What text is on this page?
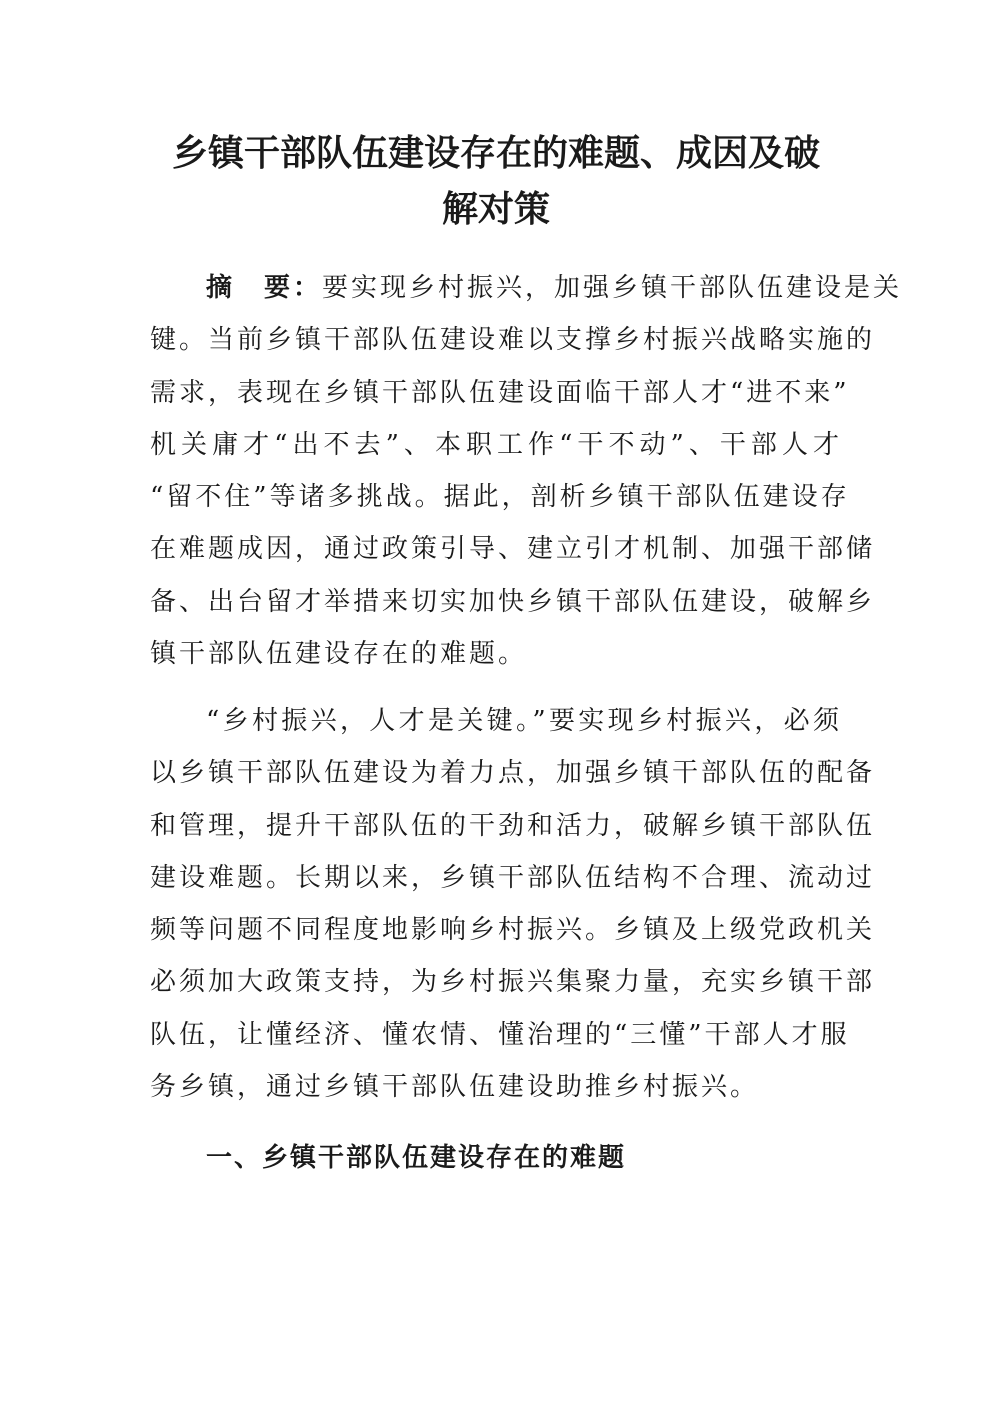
乡镇干部队伍建设存在的难题、成因及破
解对策
摘　要：要实现乡村振兴，加强乡镇干部队伍建设是关
键。当前乡镇干部队伍建设难以支撑乡村振兴战略实施的
需求，表现在乡镇干部队伍建设面临干部人才“进不来”
机关庸才“出不去”、本职工作“干不动”、干部人才
“留不住”等诸多挑战。据此，剖析乡镇干部队伍建设存
在难题成因，通过政策引导、建立引才机制、加强干部储
备、出台留才举措来切实加快乡镇干部队伍建设，破解乡
镇干部队伍建设存在的难题。
“乡村振兴，人才是关键。”要实现乡村振兴，必须
以乡镇干部队伍建设为着力点，加强乡镇干部队伍的配备
和管理，提升干部队伍的干劲和活力，破解乡镇干部队伍
建设难题。长期以来，乡镇干部队伍结构不合理、流动过
频等问题不同程度地影响乡村振兴。乡镇及上级党政机关
必须加大政策支持，为乡村振兴集聚力量，充实乡镇干部
队伍，让懂经济、懂农情、懂治理的“三懂”干部人才服
务乡镇，通过乡镇干部队伍建设助推乡村振兴。
一、乡镇干部队伍建设存在的难题
